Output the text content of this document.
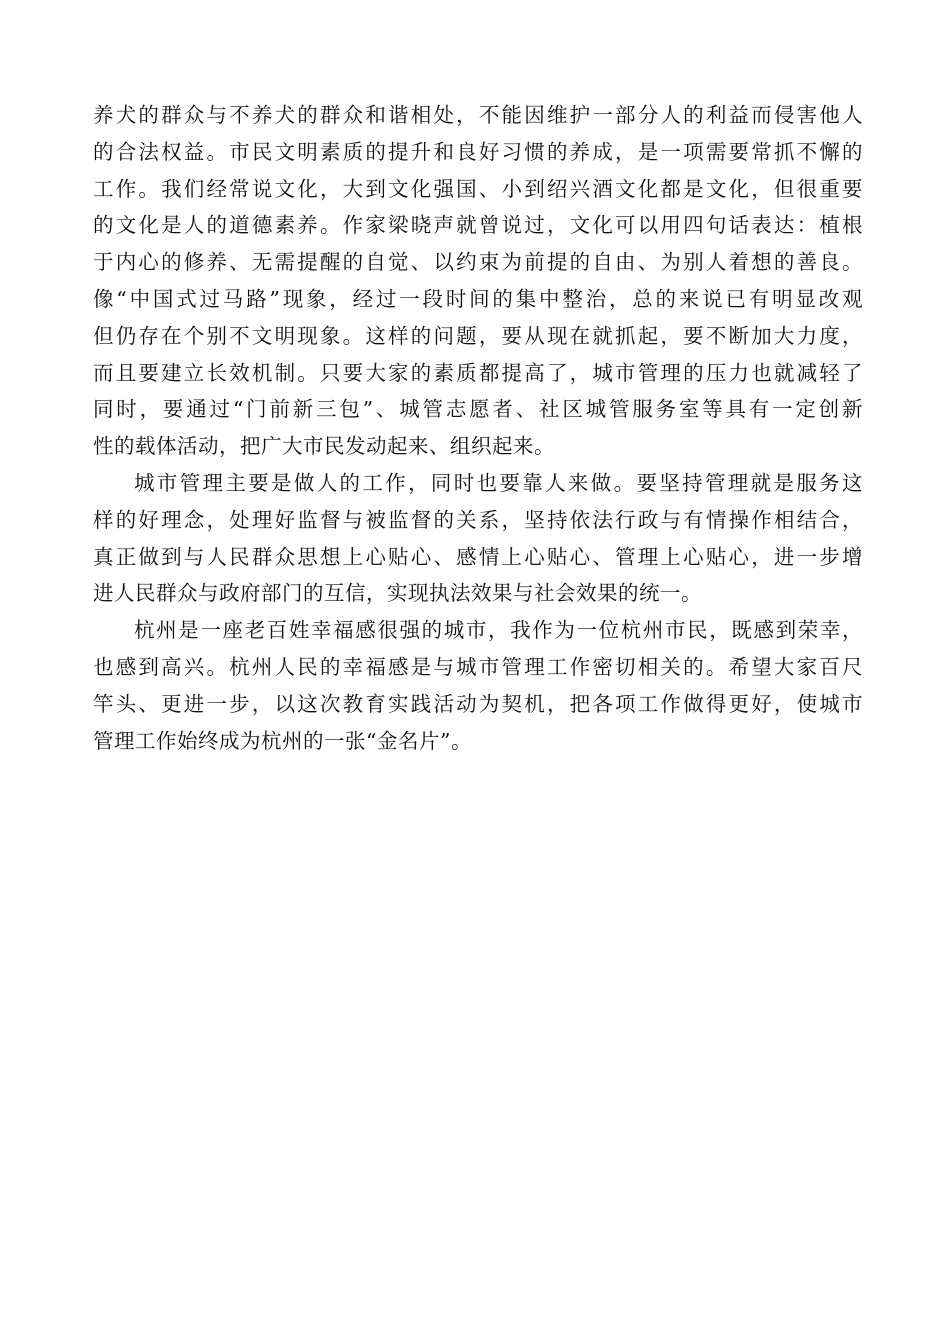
养犬的群众与不养犬的群众和谐相处，不能因维护一部分人的利益而侵害他人
的合法权益。市民文明素质的提升和良好习惯的养成，是一项需要常抓不懈的
工作。我们经常说文化，大到文化强国、小到绍兴酒文化都是文化，但很重要
的文化是人的道德素养。作家梁晓声就曾说过，文化可以用四句话表达：植根
于内心的修养、无需提醒的自觉、以约束为前提的自由、为别人着想的善良。
像“中国式过马路”现象，经过一段时间的集中整治，总的来说已有明显改观
但仍存在个别不文明现象。这样的问题，要从现在就抓起，要不断加大力度，
而且要建立长效机制。只要大家的素质都提高了，城市管理的压力也就减轻了
同时，要通过“门前新三包”、城管志愿者、社区城管服务室等具有一定创新
性的载体活动，把广大市民发动起来、组织起来。
城市管理主要是做人的工作，同时也要靠人来做。要坚持管理就是服务这
样的好理念，处理好监督与被监督的关系，坚持依法行政与有情操作相结合，
真正做到与人民群众思想上心贴心、感情上心贴心、管理上心贴心，进一步增
进人民群众与政府部门的互信，实现执法效果与社会效果的统一。
杭州是一座老百姓幸福感很强的城市，我作为一位杭州市民，既感到荣幸，
也感到高兴。杭州人民的幸福感是与城市管理工作密切相关的。希望大家百尺
竿头、更进一步，以这次教育实践活动为契机，把各项工作做得更好，使城市
管理工作始终成为杭州的一张“金名片”。
